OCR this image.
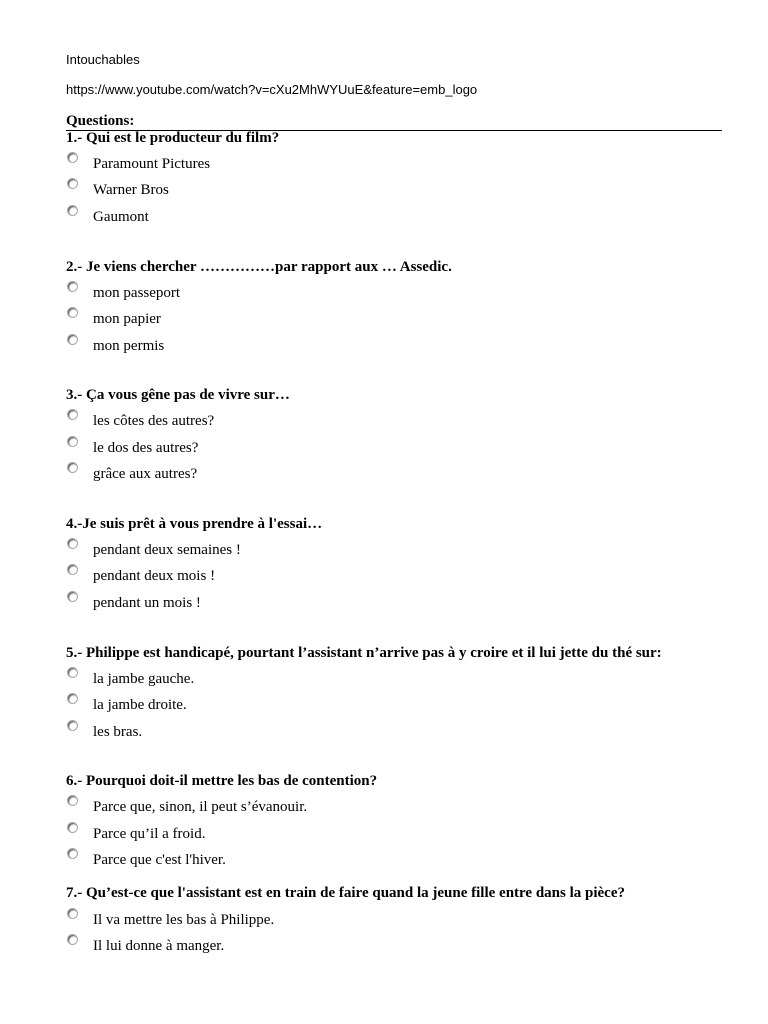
Intouchables
https://www.youtube.com/watch?v=cXu2MhWYUuE&feature=emb_logo
Questions:
1.- Qui est le producteur du film?
Paramount Pictures
Warner Bros
Gaumont
2.- Je viens chercher ……………par rapport aux … Assedic.
mon passeport
mon papier
mon permis
3.- Ça vous gêne pas de vivre sur…
les côtes des autres?
le dos des autres?
grâce aux autres?
4.-Je suis prêt à vous prendre à l'essai…
pendant deux semaines !
pendant deux mois !
pendant un mois !
5.- Philippe est handicapé, pourtant l’assistant n’arrive pas à y croire et il lui jette du thé sur:
la jambe gauche.
la jambe droite.
les bras.
6.- Pourquoi doit-il mettre les bas de contention?
Parce que, sinon, il peut s’évanouir.
Parce qu’il a froid.
Parce que c'est l'hiver.
7.- Qu’est-ce que l'assistant est en train de faire quand la jeune fille entre dans la pièce?
Il va mettre les bas à Philippe.
Il lui donne à manger.
